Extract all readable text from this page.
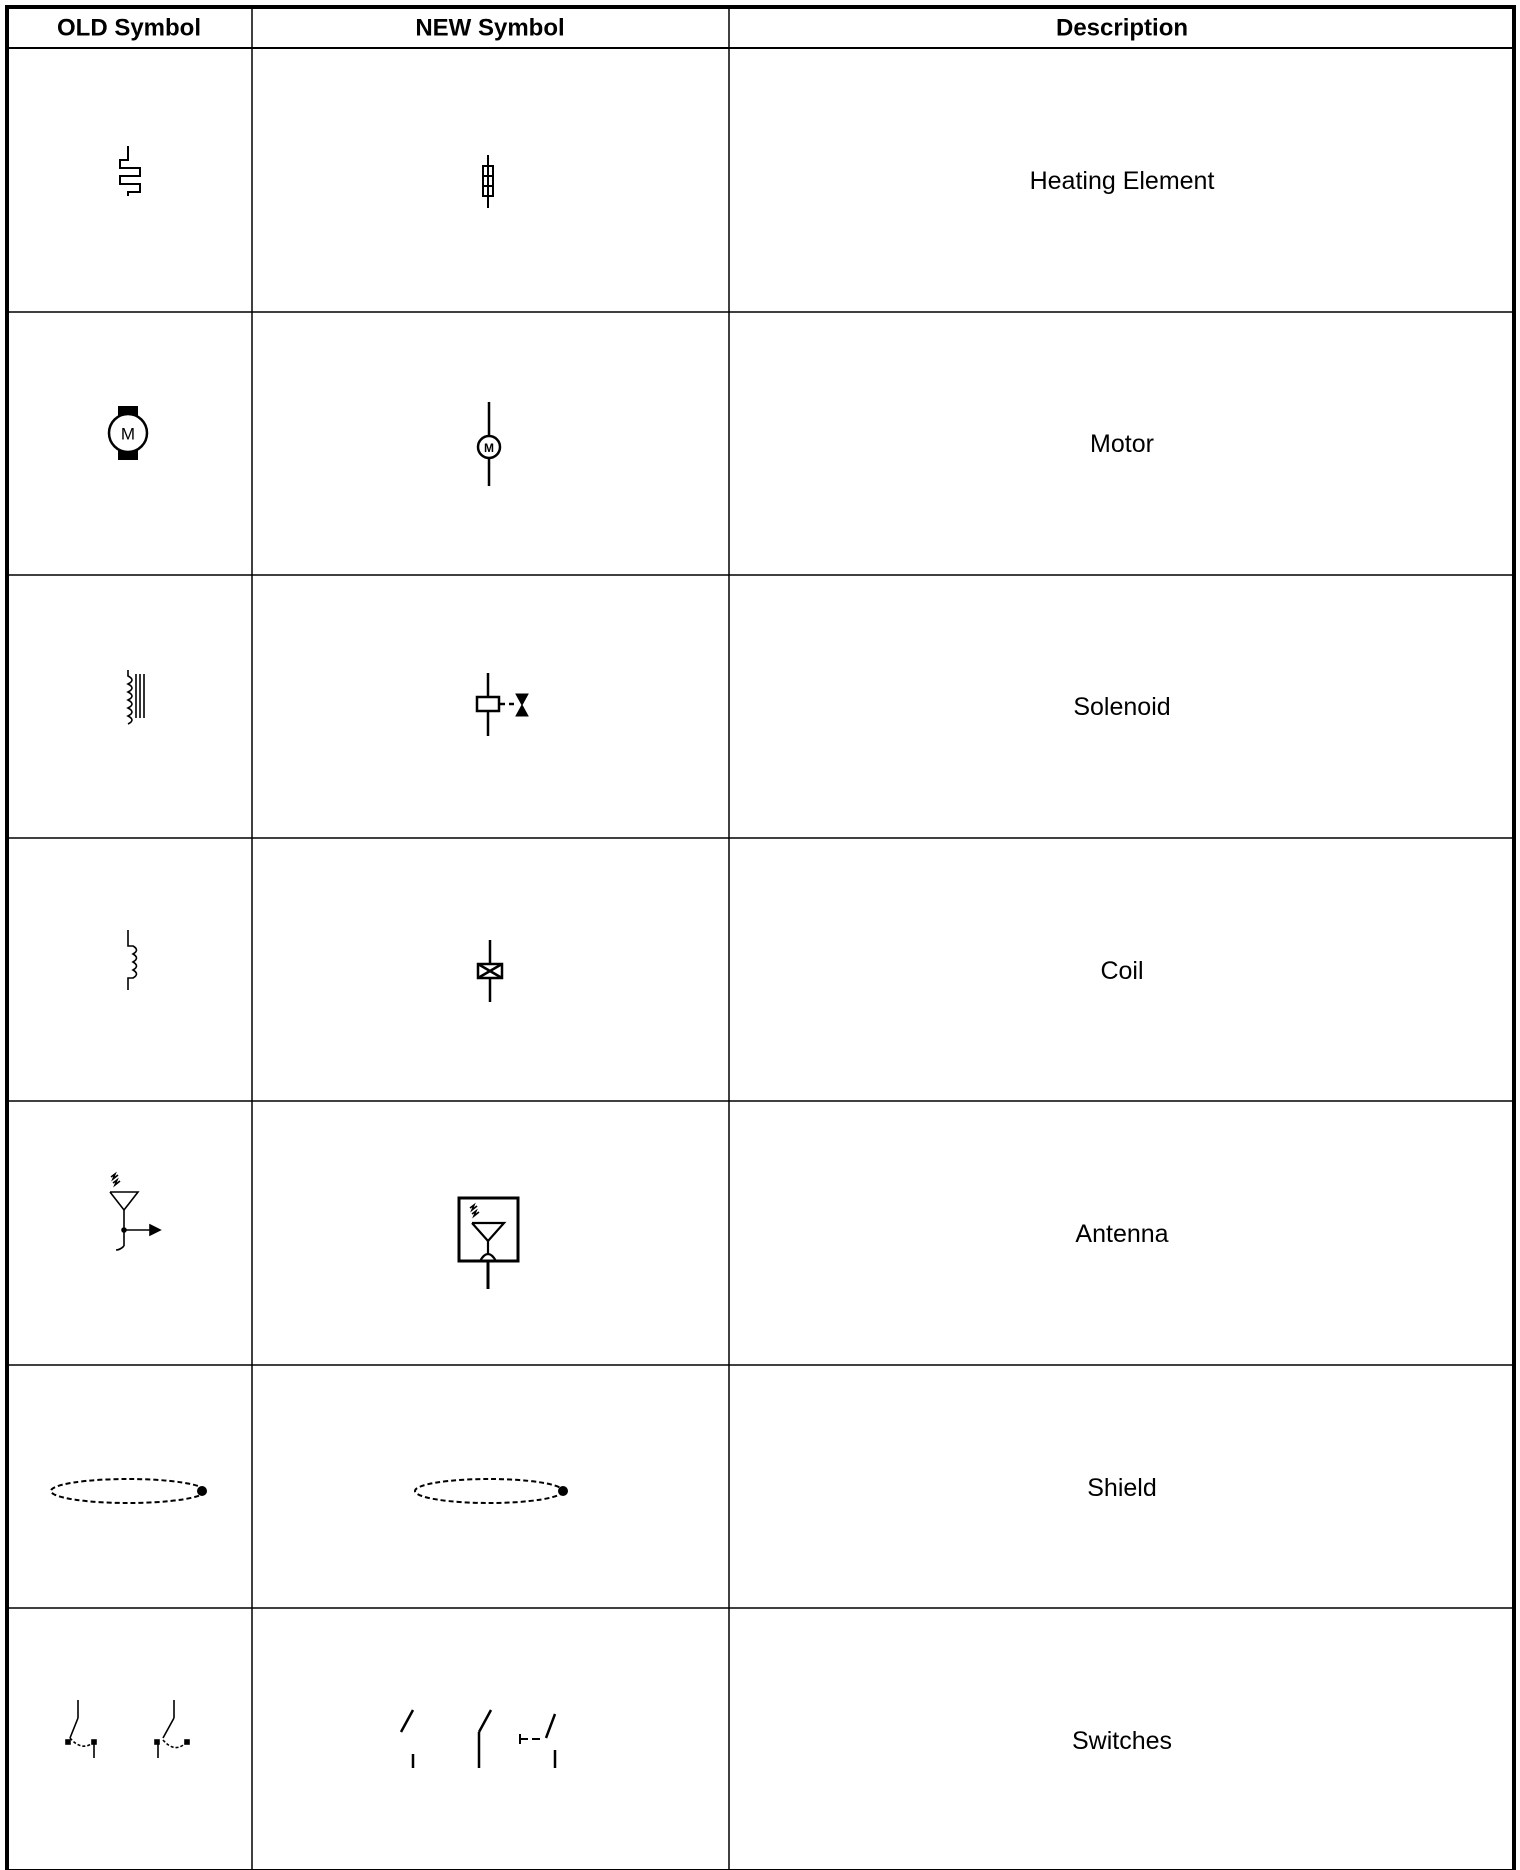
OLD Symbol	NEW Symbol	Description
Heating Element
Motor
Solenoid
Coil
Antenna
Shield
Switches
M
M
